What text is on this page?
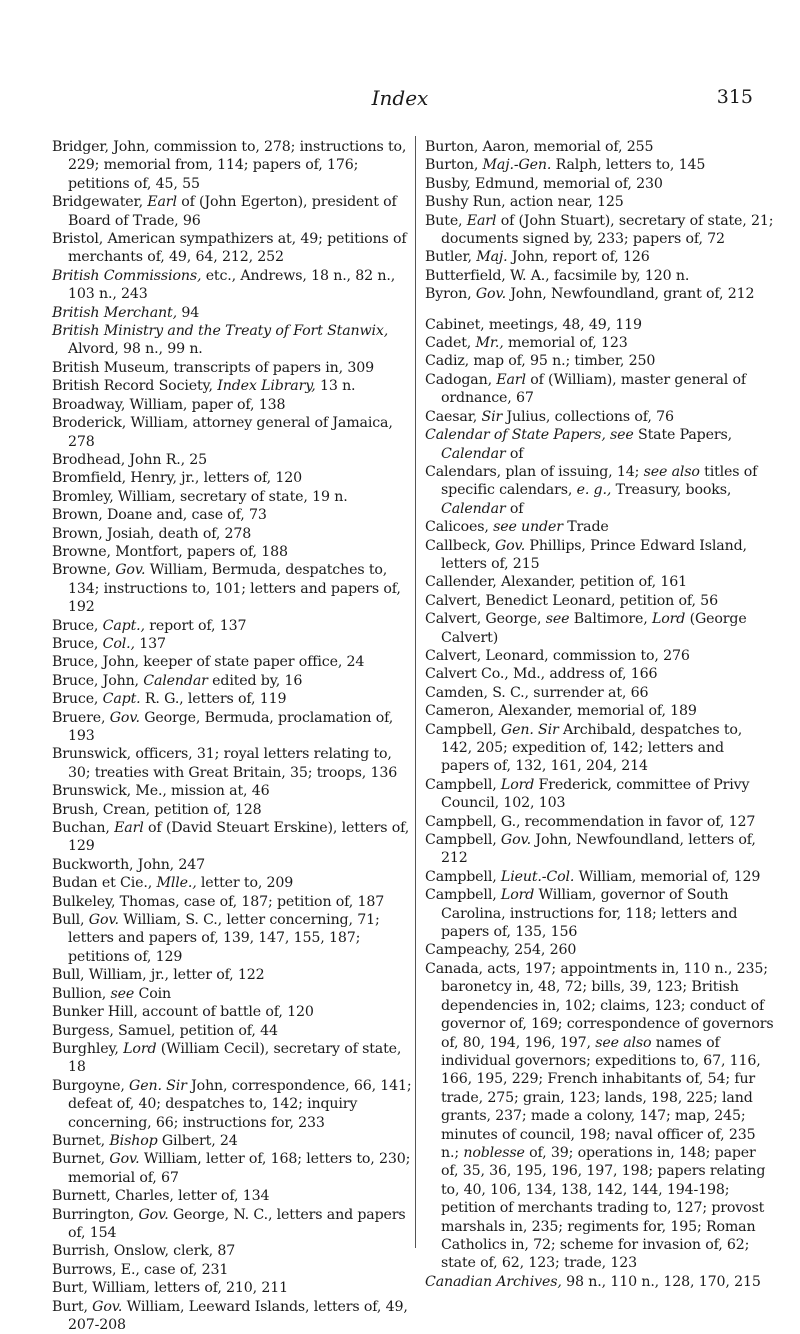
Index	315

Bridger, John, commission to, 278; instructions to, 229; memorial from, 114; papers of, 176; petitions of, 45, 55

Bridgewater, Earl of (John Egerton), president of Board of Trade, 96

Bristol, American sympathizers at, 49; petitions of merchants of, 49, 64, 212, 252

British Commissions, etc., Andrews, 18 n., 82 n., 103 n., 243

British Merchant, 94

British Ministry and the Treaty of Fort Stanwix, Alvord, 98 n., 99 n.

British Museum, transcripts of papers in, 309

British Record Society, Index Library, 13 n.

Broadway, William, paper of, 138

Broderick, William, attorney general of Jamaica, 278

Brodhead, John R., 25

Bromfield, Henry, jr., letters of, 120

Bromley, William, secretary of state, 19 n.

Brown, Doane and, case of, 73

Brown, Josiah, death of, 278

Browne, Montfort, papers of, 188

Browne, Gov. William, Bermuda, despatches to, 134; instructions to, 101; letters and papers of, 192

Bruce, Capt., report of, 137

Bruce, Col., 137

Bruce, John, keeper of state paper office, 24

Bruce, John, Calendar edited by, 16

Bruce, Capt. R. G., letters of, 119

Bruere, Gov. George, Bermuda, proclamation of, 193

Brunswick, officers, 31; royal letters relating to, 30; treaties with Great Britain, 35; troops, 136

Brunswick, Me., mission at, 46

Brush, Crean, petition of, 128

Buchan, Earl of (David Steuart Erskine), letters of, 129

Buckworth, John, 247

Budan et Cie., Mlle., letter to, 209

Bulkeley, Thomas, case of, 187; petition of, 187

Bull, Gov. William, S. C., letter concerning, 71; letters and papers of, 139, 147, 155, 187; petitions of, 129

Bull, William, jr., letter of, 122

Bullion, see Coin

Bunker Hill, account of battle of, 120

Burgess, Samuel, petition of, 44

Burghley, Lord (William Cecil), secretary of state, 18

Burgoyne, Gen. Sir John, correspondence, 66, 141; defeat of, 40; despatches to, 142; inquiry concerning, 66; instructions for, 233

Burnet, Bishop Gilbert, 24

Burnet, Gov. William, letter of, 168; letters to, 230; memorial of, 67

Burnett, Charles, letter of, 134

Burrington, Gov. George, N. C., letters and papers of, 154

Burrish, Onslow, clerk, 87

Burrows, E., case of, 231

Burt, William, letters of, 210, 211

Burt, Gov. William, Leeward Islands, letters of, 49, 207-208

Burton, Aaron, memorial of, 255

Burton, Maj.-Gen. Ralph, letters to, 145

Busby, Edmund, memorial of, 230

Bushy Run, action near, 125

Bute, Earl of (John Stuart), secretary of state, 21; documents signed by, 233; papers of, 72

Butler, Maj. John, report of, 126

Butterfield, W. A., facsimile by, 120 n.

Byron, Gov. John, Newfoundland, grant of, 212

Cabinet, meetings, 48, 49, 119

Cadet, Mr., memorial of, 123

Cadiz, map of, 95 n.; timber, 250

Cadogan, Earl of (William), master general of ordnance, 67

Caesar, Sir Julius, collections of, 76

Calendar of State Papers, see State Papers, Calendar of

Calendars, plan of issuing, 14; see also titles of specific calendars, e. g., Treasury, books, Calendar of

Calicoes, see under Trade

Callbeck, Gov. Phillips, Prince Edward Island, letters of, 215

Callender, Alexander, petition of, 161

Calvert, Benedict Leonard, petition of, 56

Calvert, George, see Baltimore, Lord (George Calvert)

Calvert, Leonard, commission to, 276

Calvert Co., Md., address of, 166

Camden, S. C., surrender at, 66

Cameron, Alexander, memorial of, 189

Campbell, Gen. Sir Archibald, despatches to, 142, 205; expedition of, 142; letters and papers of, 132, 161, 204, 214

Campbell, Lord Frederick, committee of Privy Council, 102, 103

Campbell, G., recommendation in favor of, 127

Campbell, Gov. John, Newfoundland, letters of, 212

Campbell, Lieut.-Col. William, memorial of, 129

Campbell, Lord William, governor of South Carolina, instructions for, 118; letters and papers of, 135, 156

Campeachy, 254, 260

Canada, acts, 197; appointments in, 110 n., 235; baronetcy in, 48, 72; bills, 39, 123; British dependencies in, 102; claims, 123; conduct of governor of, 169; correspondence of governors of, 80, 194, 196, 197, see also names of individual governors; expeditions to, 67, 116, 166, 195, 229; French inhabitants of, 54; fur trade, 275; grain, 123; lands, 198, 225; land grants, 237; made a colony, 147; map, 245; minutes of council, 198; naval officer of, 235 n.; noblesse of, 39; operations in, 148; paper of, 35, 36, 195, 196, 197, 198; papers relating to, 40, 106, 134, 138, 142, 144, 194-198; petition of merchants trading to, 127; provost marshals in, 235; regiments for, 195; Roman Catholics in, 72; scheme for invasion of, 62; state of, 62, 123; trade, 123

Canadian Archives, 98 n., 110 n., 128, 170, 215
